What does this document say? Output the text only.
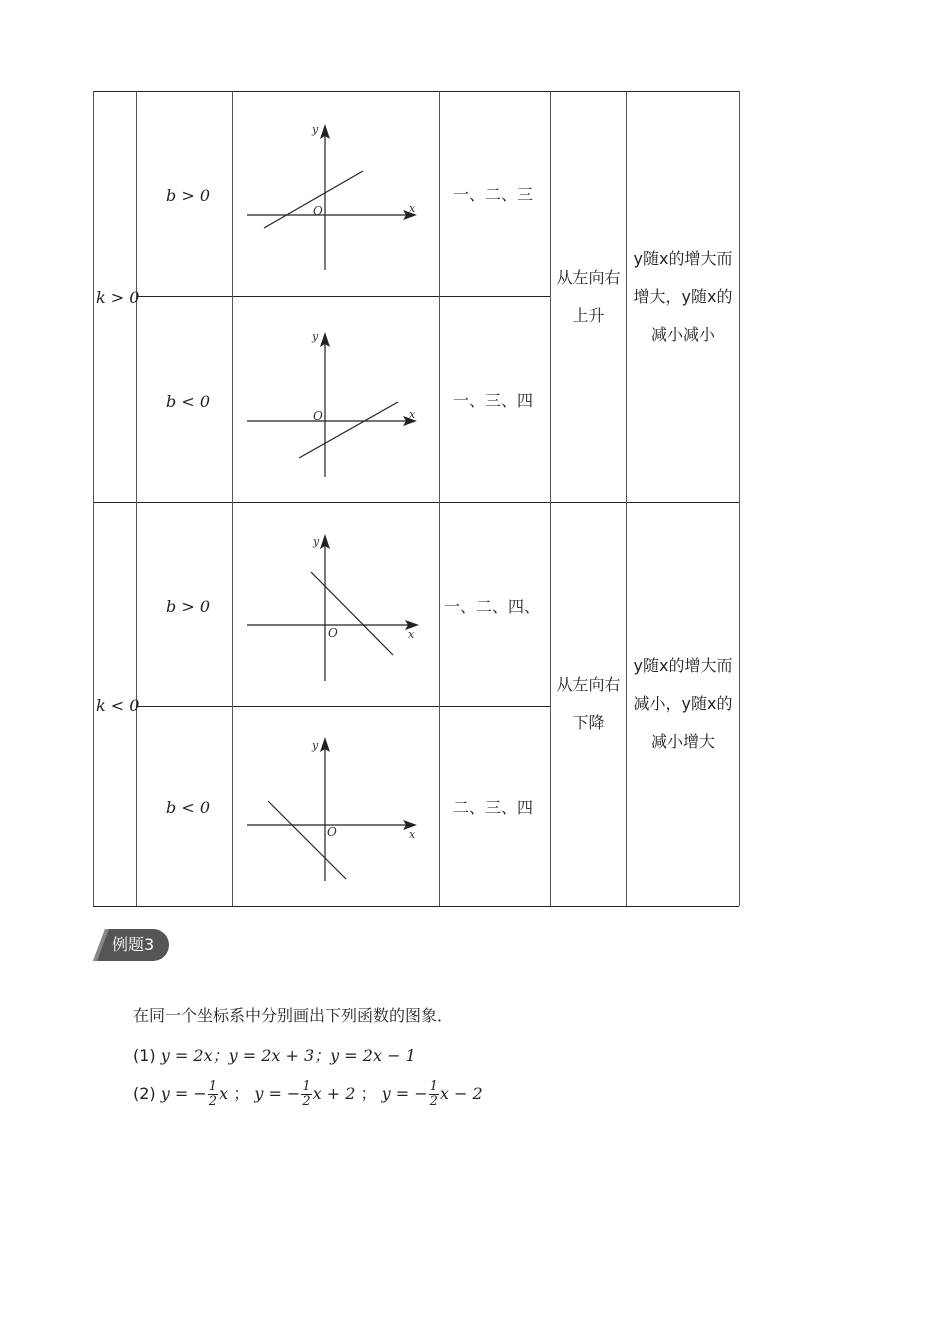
k > 0
k < 0
b > 0
b < 0
b > 0
b < 0
一、二、三
一、三、四
一、二、四、
二、三、四
从左向右
上升
从左向右
下降
y随x的增大而
增大，y随x的
减小减小
y随x的增大而
减小，y随x的
减小增大
y
x
O
y
x
O
y
x
O
y
x
O
例题3
在同一个坐标系中分别画出下列函数的图象．
(1) y = 2x；y = 2x + 3；y = 2x − 1
(2) y = − $\frac{1}{2}$ x ； y = − $\frac{1}{2}$ x + 2 ； y = − $\frac{1}{2}$ x − 2
